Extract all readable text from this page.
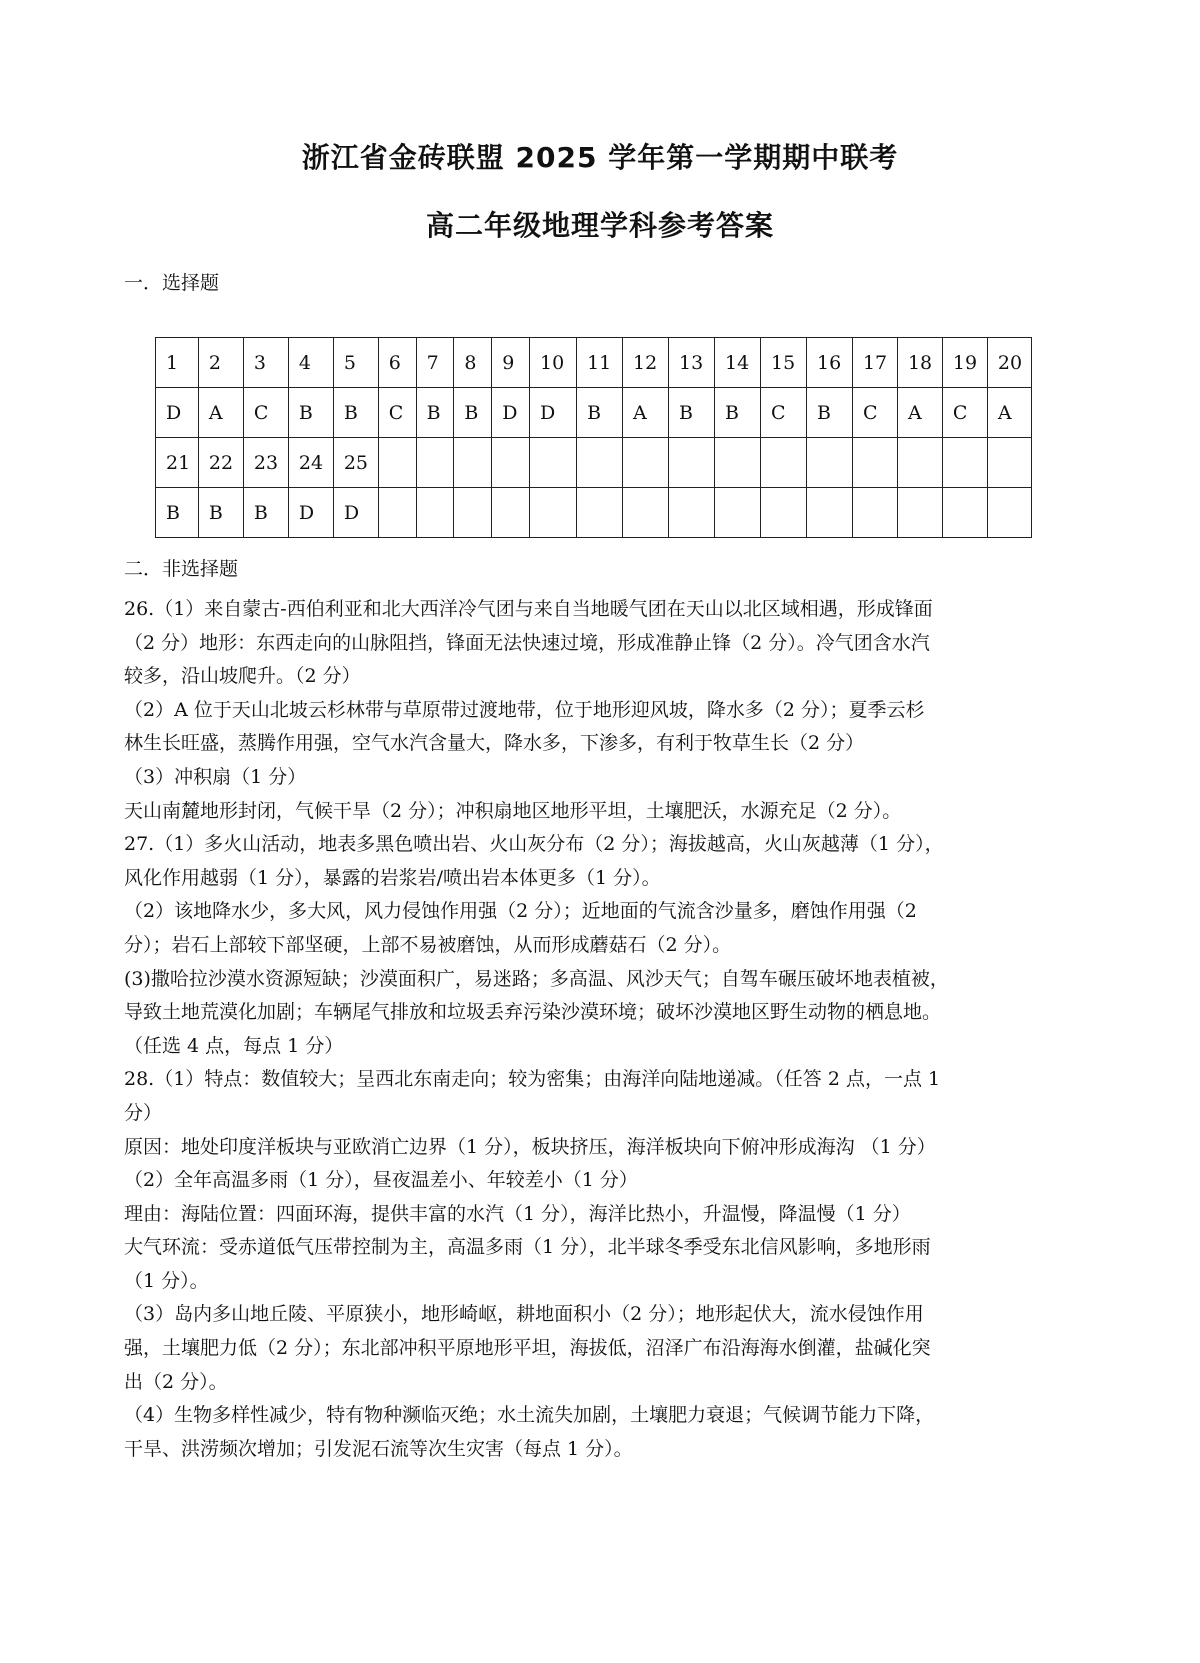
浙江省金砖联盟 2025 学年第一学期期中联考
高二年级地理学科参考答案
一．选择题
1	2	3	4	5	6	7	8	9	10	11	12	13	14	15	16	17	18	19	20
D	A	C	B	B	C	B	B	D	D	B	A	B	B	C	B	C	A	C	A
21	22	23	24	25															
B	B	B	D	D															
二．非选择题

26.（1）来自蒙古-西伯利亚和北大西洋冷气团与来自当地暖气团在天山以北区域相遇，形成锋面

（2 分）地形：东西走向的山脉阻挡，锋面无法快速过境，形成准静止锋（2 分）。冷气团含水汽

较多，沿山坡爬升。（2 分）

（2）A 位于天山北坡云杉林带与草原带过渡地带，位于地形迎风坡，降水多（2 分）；夏季云杉

林生长旺盛，蒸腾作用强，空气水汽含量大，降水多，下渗多，有利于牧草生长（2 分）

（3）冲积扇（1 分）

天山南麓地形封闭，气候干旱（2 分）；冲积扇地区地形平坦，土壤肥沃，水源充足（2 分）。

27.（1）多火山活动，地表多黑色喷出岩、火山灰分布（2 分）；海拔越高，火山灰越薄（1 分），

风化作用越弱（1 分），暴露的岩浆岩/喷出岩本体更多（1 分）。

（2）该地降水少，多大风，风力侵蚀作用强（2 分）；近地面的气流含沙量多，磨蚀作用强（2

分）；岩石上部较下部坚硬，上部不易被磨蚀，从而形成蘑菇石（2 分）。

(3)撒哈拉沙漠水资源短缺；沙漠面积广，易迷路；多高温、风沙天气；自驾车碾压破坏地表植被，

导致土地荒漠化加剧；车辆尾气排放和垃圾丢弃污染沙漠环境；破坏沙漠地区野生动物的栖息地。

（任选 4 点，每点 1 分）

28.（1）特点：数值较大；呈西北东南走向；较为密集；由海洋向陆地递减。（任答 2 点，一点 1

分）

原因：地处印度洋板块与亚欧消亡边界（1 分），板块挤压，海洋板块向下俯冲形成海沟 （1 分）

（2）全年高温多雨（1 分），昼夜温差小、年较差小（1 分）

理由：海陆位置：四面环海，提供丰富的水汽（1 分），海洋比热小，升温慢，降温慢（1 分）

大气环流：受赤道低气压带控制为主，高温多雨（1 分），北半球冬季受东北信风影响，多地形雨

（1 分）。

（3）岛内多山地丘陵、平原狭小，地形崎岖，耕地面积小（2 分）；地形起伏大，流水侵蚀作用

强，土壤肥力低（2 分）；东北部冲积平原地形平坦，海拔低，沼泽广布沿海海水倒灌，盐碱化突

出（2 分）。

（4）生物多样性减少，特有物种濒临灭绝；水土流失加剧，土壤肥力衰退；气候调节能力下降，

干旱、洪涝频次增加；引发泥石流等次生灾害（每点 1 分）。
